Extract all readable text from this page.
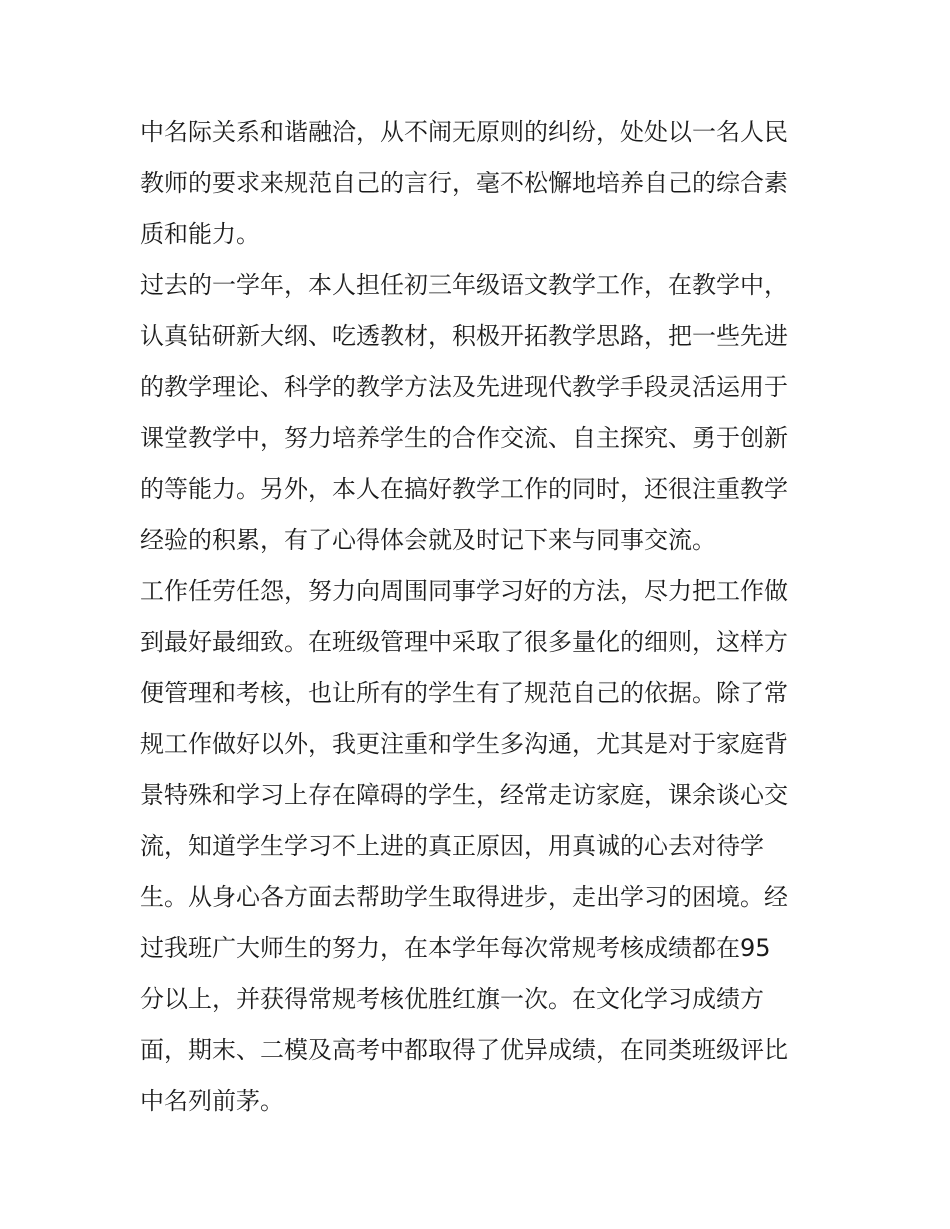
中名际关系和谐融洽，从不闹无原则的纠纷，处处以一名人民
教师的要求来规范自己的言行，毫不松懈地培养自己的综合素
质和能力。
过去的一学年，本人担任初三年级语文教学工作，在教学中，
认真钻研新大纲、吃透教材，积极开拓教学思路，把一些先进
的教学理论、科学的教学方法及先进现代教学手段灵活运用于
课堂教学中，努力培养学生的合作交流、自主探究、勇于创新
的等能力。另外，本人在搞好教学工作的同时，还很注重教学
经验的积累，有了心得体会就及时记下来与同事交流。
工作任劳任怨，努力向周围同事学习好的方法，尽力把工作做
到最好最细致。在班级管理中采取了很多量化的细则，这样方
便管理和考核，也让所有的学生有了规范自己的依据。除了常
规工作做好以外，我更注重和学生多沟通，尤其是对于家庭背
景特殊和学习上存在障碍的学生，经常走访家庭，课余谈心交
流，知道学生学习不上进的真正原因，用真诚的心去对待学
生。从身心各方面去帮助学生取得进步，走出学习的困境。经
过我班广大师生的努力，在本学年每次常规考核成绩都在95
分以上，并获得常规考核优胜红旗一次。在文化学习成绩方
面，期末、二模及高考中都取得了优异成绩，在同类班级评比
中名列前茅。
